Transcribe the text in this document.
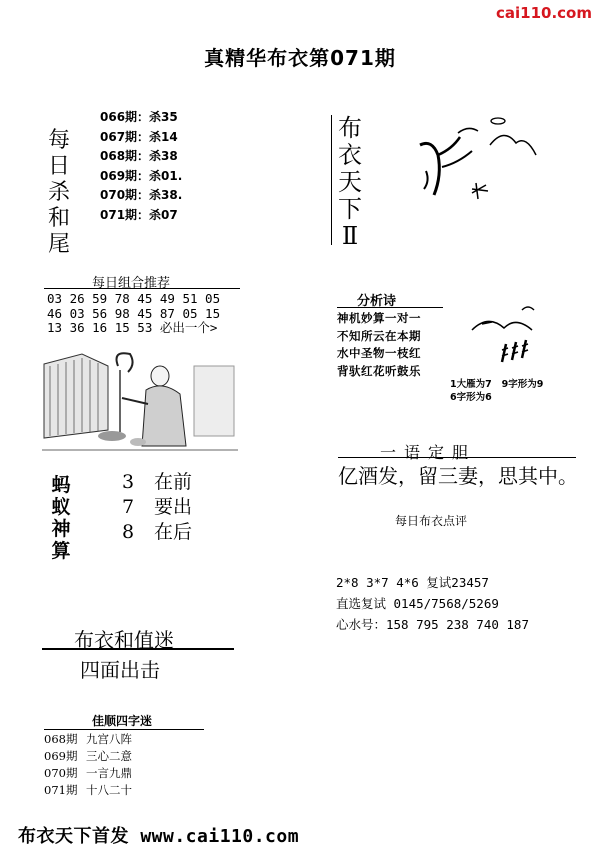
cai110.com
真精华布衣第071期
每
日
杀
和
尾
066期：杀35
067期：杀14
068期：杀38
069期：杀01.
070期：杀38.
071期：杀07
每日组合推荐
03 26 59 78 45 49 51 05
46 03 56 98 45 87 05 15
13 36 16 15 53 必出一个>
蚂
蚁
神
算
3 在前
7 要出
8 在后
布衣和值迷
四面出击
佳顺四字迷
068期 九宫八阵
069期 三心二意
070期 一言九鼎
071期 十八二十
布
衣
天
下
Ⅱ
分析诗
神机妙算一对一
不知所云在本期
水中圣物一枝红
背驮红花听鼓乐
1大雁为7   9字形为9
6字形为6
一语定胆
亿酒发，留三妻，思其中。
每日布衣点评
2*8 3*7 4*6 复试23457
直选复试 0145/7568/5269
心水号：158 795 238 740 187
布衣天下首发 www.cai110.com
